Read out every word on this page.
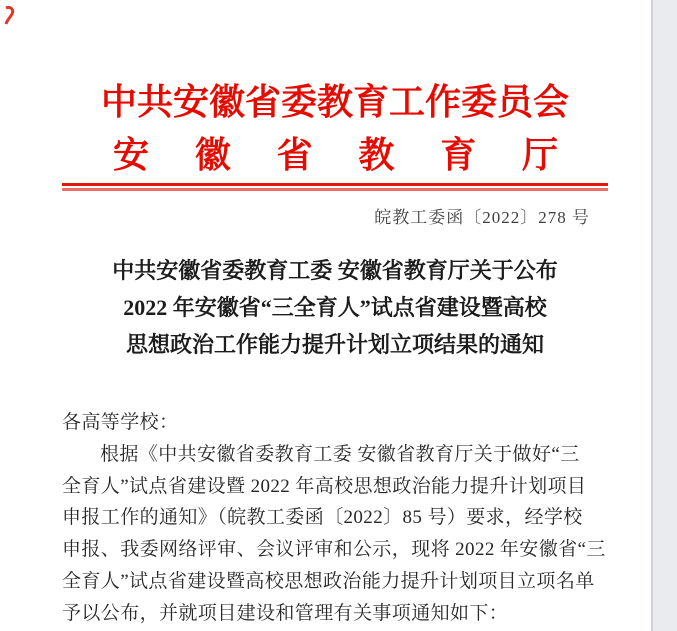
中共安徽省委教育工作委员会
安 徽 省 教 育 厅
皖教工委函〔2022〕278 号
中共安徽省委教育工委 安徽省教育厅关于公布
2022 年安徽省“三全育人”试点省建设暨高校
思想政治工作能力提升计划立项结果的通知
各高等学校：
根据《中共安徽省委教育工委 安徽省教育厅关于做好“三
全育人”试点省建设暨 2022 年高校思想政治能力提升计划项目
申报工作的通知》（皖教工委函〔2022〕85 号）要求，经学校
申报、我委网络评审、会议评审和公示，现将 2022 年安徽省“三
全育人”试点省建设暨高校思想政治能力提升计划项目立项名单
予以公布，并就项目建设和管理有关事项通知如下：
